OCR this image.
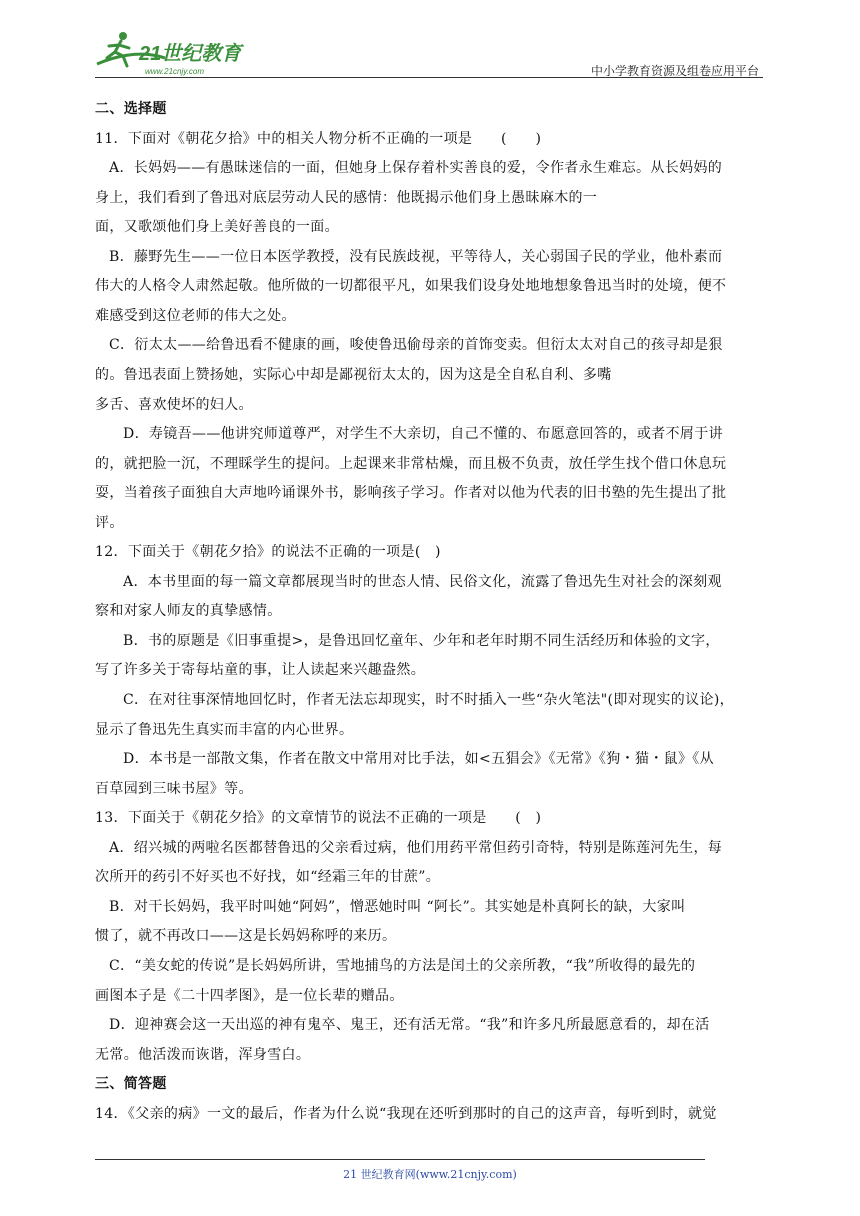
21世纪教育
www.21cnjy.com	中小学教育资源及组卷应用平台
二、选择题
11．下面对《朝花夕拾》中的相关人物分析不正确的一项是　　(　　)
A．长妈妈——有愚昧迷信的一面，但她身上保存着朴实善良的爱，令作者永生难忘。从长妈妈的
身上，我们看到了鲁迅对底层劳动人民的感情：他既揭示他们身上愚昧麻木的一
面，又歌颂他们身上美好善良的一面。
B．藤野先生——一位日本医学教授，没有民族歧视，平等待人，关心弱国子民的学业，他朴素而
伟大的人格令人肃然起敬。他所做的一切都很平凡，如果我们设身处地地想象鲁迅当时的处境，便不
难感受到这位老师的伟大之处。
C．衍太太——给鲁迅看不健康的画，唆使鲁迅偷母亲的首饰变卖。但衍太太对自己的孩寻却是狠
的。鲁迅表面上赞扬她，实际心中却是鄙视衍太太的，因为这是全自私自利、多嘴
多舌、喜欢使坏的妇人。
D．寿镜吾——他讲究师道尊严，对学生不大亲切，自己不懂的、布愿意回答的，或者不屑于讲
的，就把脸一沉，不理睬学生的提问。上起课来非常枯燥，而且极不负责，放任学生找个借口休息玩
耍，当着孩子面独自大声地吟诵课外书，影响孩子学习。作者对以他为代表的旧书塾的先生提出了批
评。
12．下面关于《朝花夕拾》的说法不正确的一项是(　)
A．本书里面的每一篇文章都展现当时的世态人情、民俗文化，流露了鲁迅先生对社会的深刻观
察和对家人师友的真挚感情。
B．书的原题是《旧事重提>，是鲁迅回忆童年、少年和老年时期不同生活经历和体验的文字，
写了许多关于寄每坫童的事，让人读起来兴趣盎然。
C．在对往事深情地回忆时，作者无法忘却现实，时不时插入一些“杂火笔法"(即对现实的议论)，
显示了鲁迅先生真实而丰富的内心世界。
D．本书是一部散文集，作者在散文中常用对比手法，如<五猖会》《无常》《狗・猫・鼠》《从
百草园到三味书屋》等。
13．下面关于《朝花夕拾》的文章情节的说法不正确的一项是　　(　)
A．绍兴城的两啦名医都替鲁迅的父亲看过病，他们用药平常但药引奇特，特别是陈莲河先生，每
次所开的药引不好买也不好找，如“经霜三年的甘蔗”。
B．对干长妈妈，我平时叫她“阿妈”，憎恶她时叫 “阿长”。其实她是朴真阿长的缺，大家叫
惯了，就不再改口——这是长妈妈称呼的来历。
C．“美女蛇的传说”是长妈妈所讲，雪地捕鸟的方法是闰土的父亲所教，“我”所收得的最先的
画图本子是《二十四孝图》，是一位长辈的赠品。
D．迎神赛会这一天出巡的神有鬼卒、鬼王，还有活无常。“我”和许多凡所最愿意看的，却在活
无常。他活泼而诙谐，浑身雪白。
三、简答题
14．《父亲的病》一文的最后，作者为什么说“我现在还听到那时的自己的这声音，每听到时，就觉
21 世纪教育网(www.21cnjy.com)
